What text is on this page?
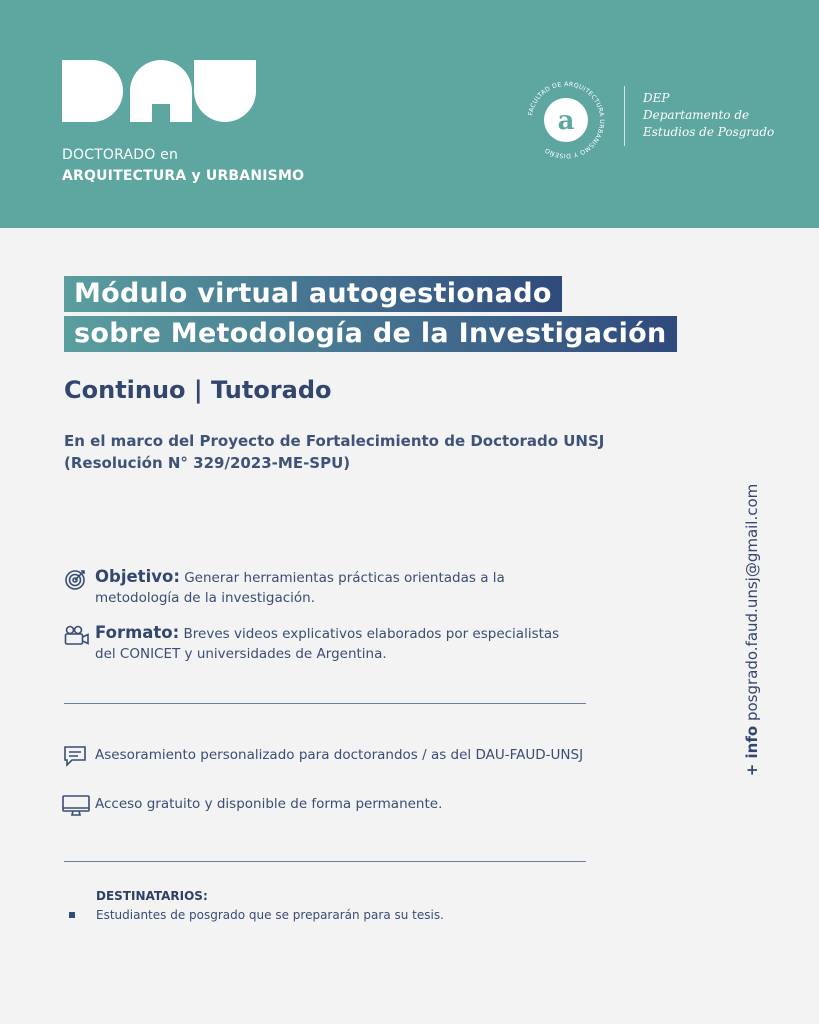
DOCTORADO en
ARQUITECTURA y URBANISMO
a
FACULTAD DE ARQUITECTURA URBANISMO Y DISEÑO
DEP
Departamento de
Estudios de Posgrado
Módulo virtual autogestionado
sobre Metodología de la Investigación
Continuo | Tutorado
En el marco del Proyecto de Fortalecimiento de Doctorado UNSJ
(Resolución N° 329/2023-ME-SPU)
Objetivo: Generar herramientas prácticas orientadas a la
metodología de la investigación.
Formato: Breves videos explicativos elaborados por especialistas
del CONICET y universidades de Argentina.
Asesoramiento personalizado para doctorandos / as del DAU-FAUD-UNSJ
Acceso gratuito y disponible de forma permanente.
DESTINATARIOS:
Estudiantes de posgrado que se prepararán para su tesis.
+ info posgrado.faud.unsj@gmail.com
